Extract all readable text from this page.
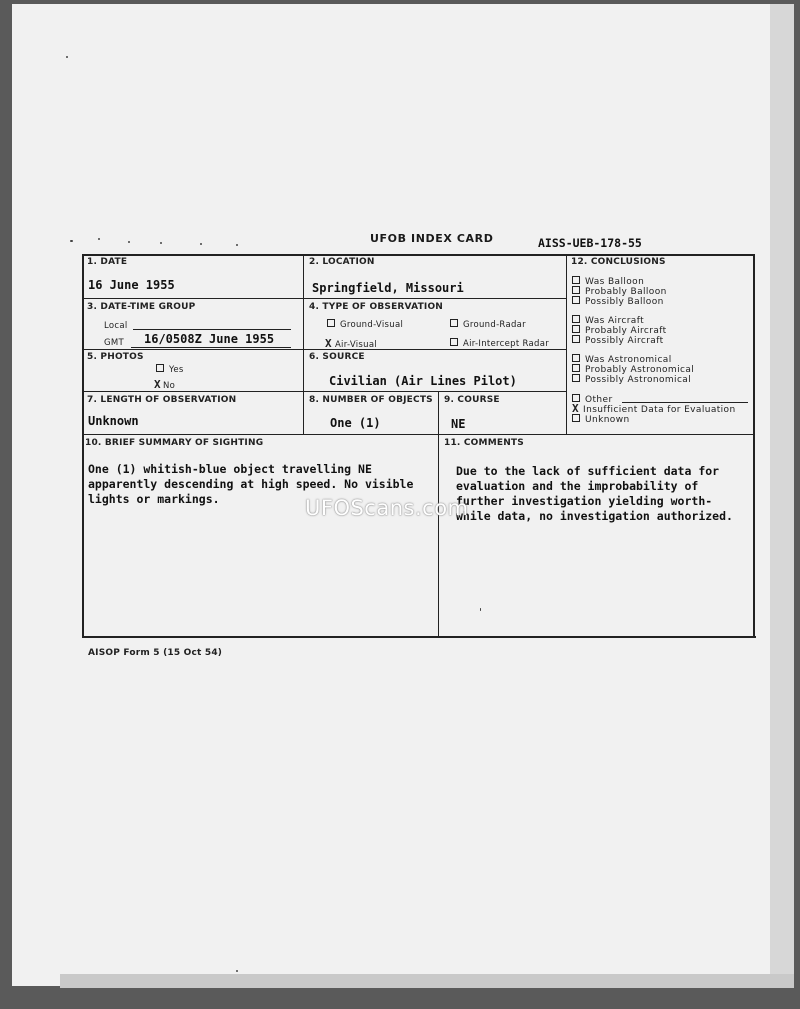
UFOB INDEX CARD	AISS-UEB-178-55
1. DATE
16 June 1955
2. LOCATION
Springfield, Missouri
3. DATE-TIME GROUP
Local
GMT 16/0508Z June 1955
4. TYPE OF OBSERVATION
Ground-Visual	Ground-Radar
X Air-Visual	Air-Intercept Radar
5. PHOTOS
Yes
X No
6. SOURCE
Civilian (Air Lines Pilot)
7. LENGTH OF OBSERVATION
Unknown
8. NUMBER OF OBJECTS
One (1)
9. COURSE
NE
12. CONCLUSIONS
Was Balloon
Probably Balloon
Possibly Balloon
Was Aircraft
Probably Aircraft
Possibly Aircraft
Was Astronomical
Probably Astronomical
Possibly Astronomical
Other
X Insufficient Data for Evaluation
Unknown
10. BRIEF SUMMARY OF SIGHTING
One (1) whitish-blue object travelling NE
apparently descending at high speed. No visible
lights or markings.
11. COMMENTS
Due to the lack of sufficient data for
evaluation and the improbability of
further investigation yielding worth-
while data, no investigation authorized.
UFOScans.com
AISOP Form 5 (15 Oct 54)
